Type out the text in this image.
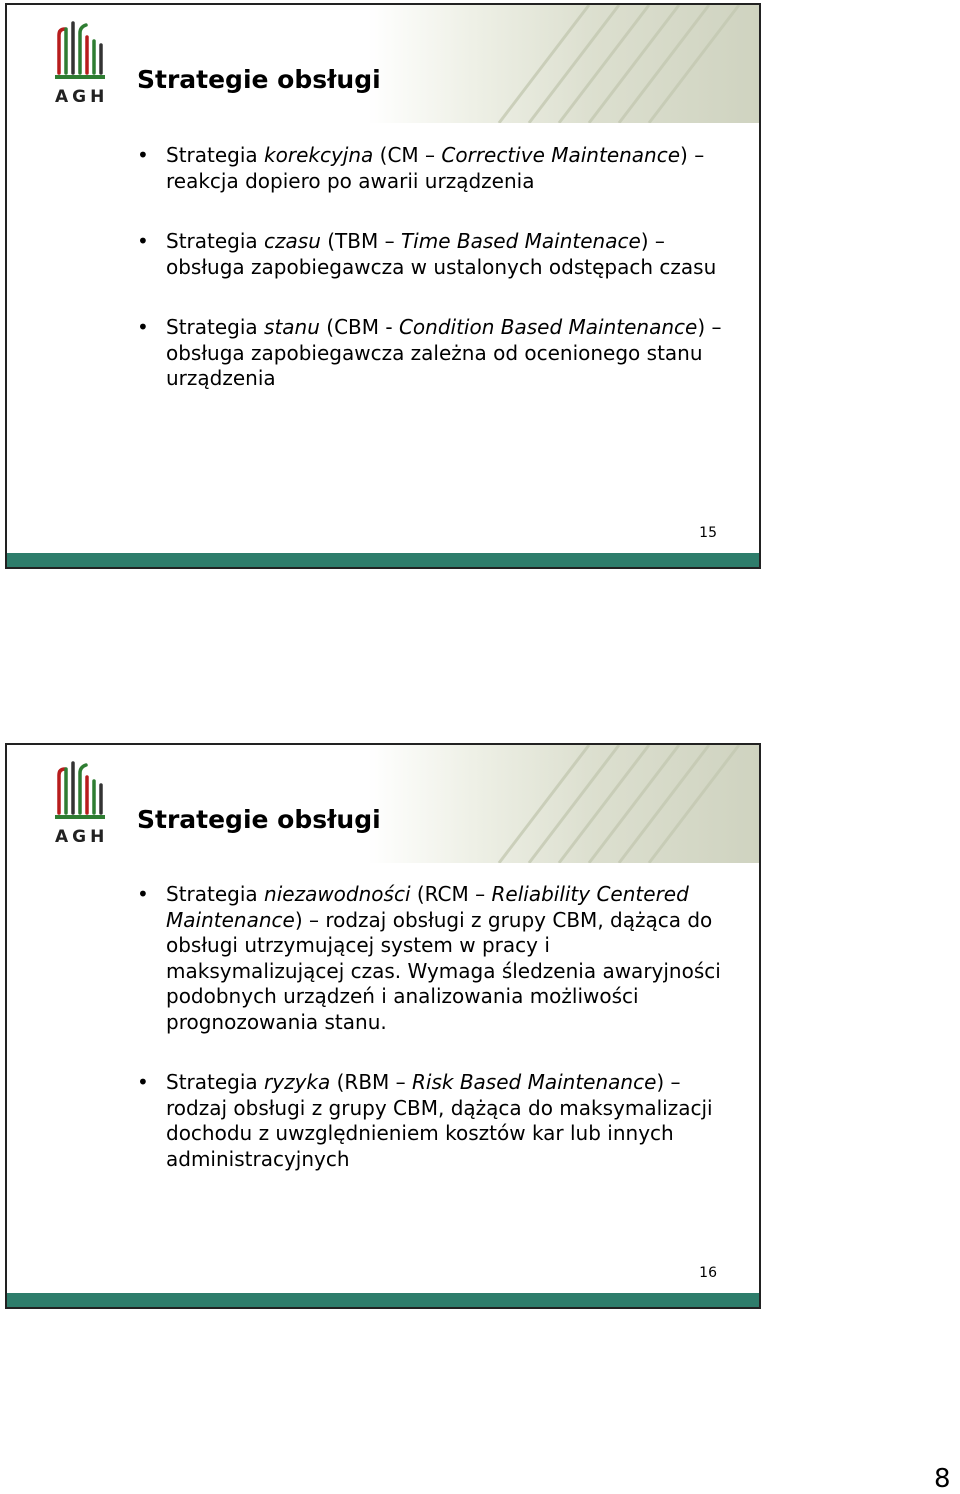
AGH
Strategie obsługi
• Strategia korekcyjna (CM – Corrective Maintenance) – reakcja dopiero po awarii urządzenia
• Strategia czasu (TBM – Time Based Maintenace) – obsługa zapobiegawcza w ustalonych odstępach czasu
• Strategia stanu (CBM - Condition Based Maintenance) – obsługa zapobiegawcza zależna od ocenionego stanu urządzenia
15
AGH
Strategie obsługi
• Strategia niezawodności (RCM – Reliability Centered Maintenance) – rodzaj obsługi z grupy CBM, dążąca do obsługi utrzymującej system w pracy i maksymalizującej czas. Wymaga śledzenia awaryjności podobnych urządzeń i analizowania możliwości prognozowania stanu.
• Strategia ryzyka (RBM – Risk Based Maintenance) – rodzaj obsługi z grupy CBM, dążąca do maksymalizacji dochodu z uwzględnieniem kosztów kar lub innych administracyjnych
16
8
